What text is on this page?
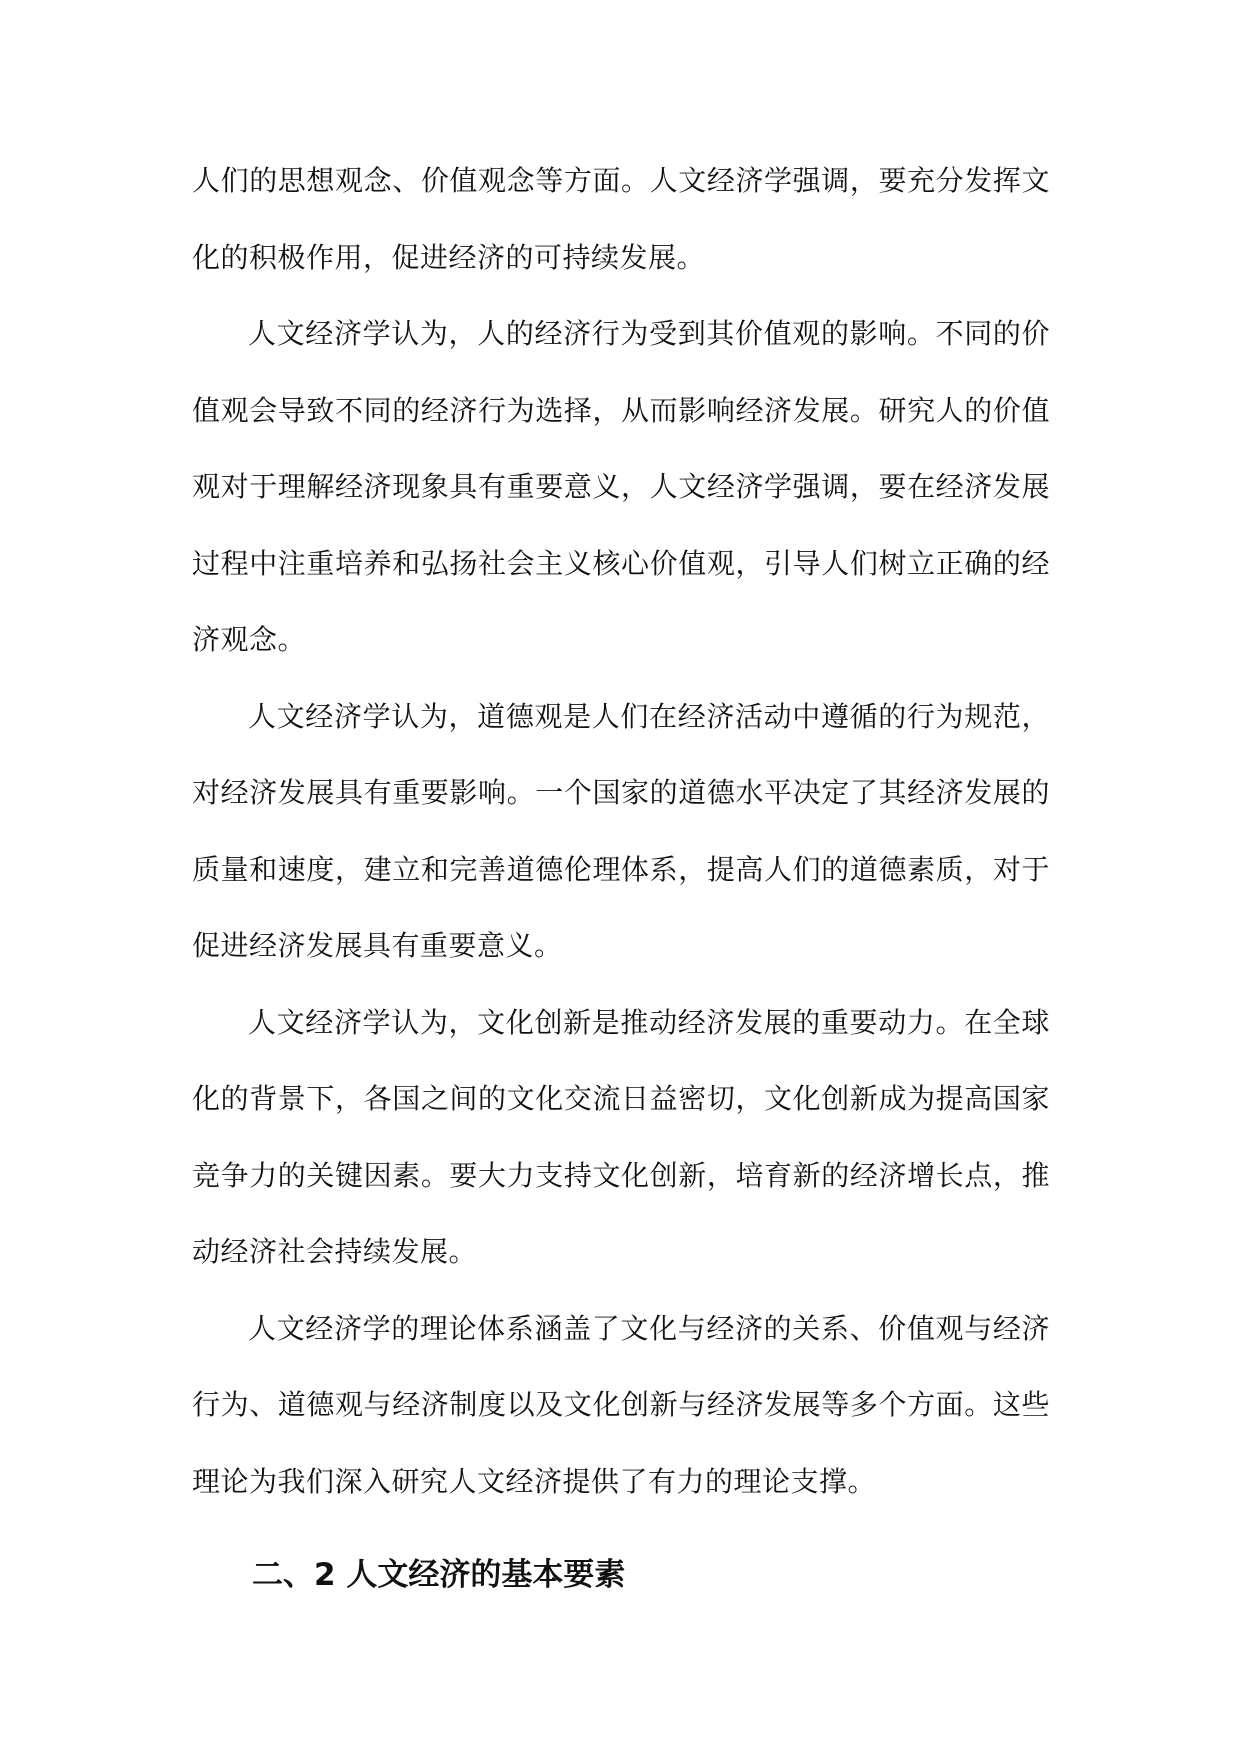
人们的思想观念、价值观念等方面。人文经济学强调，要充分发挥文化的积极作用，促进经济的可持续发展。

人文经济学认为，人的经济行为受到其价值观的影响。不同的价值观会导致不同的经济行为选择，从而影响经济发展。研究人的价值观对于理解经济现象具有重要意义，人文经济学强调，要在经济发展过程中注重培养和弘扬社会主义核心价值观，引导人们树立正确的经济观念。

人文经济学认为，道德观是人们在经济活动中遵循的行为规范，对经济发展具有重要影响。一个国家的道德水平决定了其经济发展的质量和速度，建立和完善道德伦理体系，提高人们的道德素质，对于促进经济发展具有重要意义。

人文经济学认为，文化创新是推动经济发展的重要动力。在全球化的背景下，各国之间的文化交流日益密切，文化创新成为提高国家竞争力的关键因素。要大力支持文化创新，培育新的经济增长点，推动经济社会持续发展。

人文经济学的理论体系涵盖了文化与经济的关系、价值观与经济行为、道德观与经济制度以及文化创新与经济发展等多个方面。这些理论为我们深入研究人文经济提供了有力的理论支撑。

二、2 人文经济的基本要素
